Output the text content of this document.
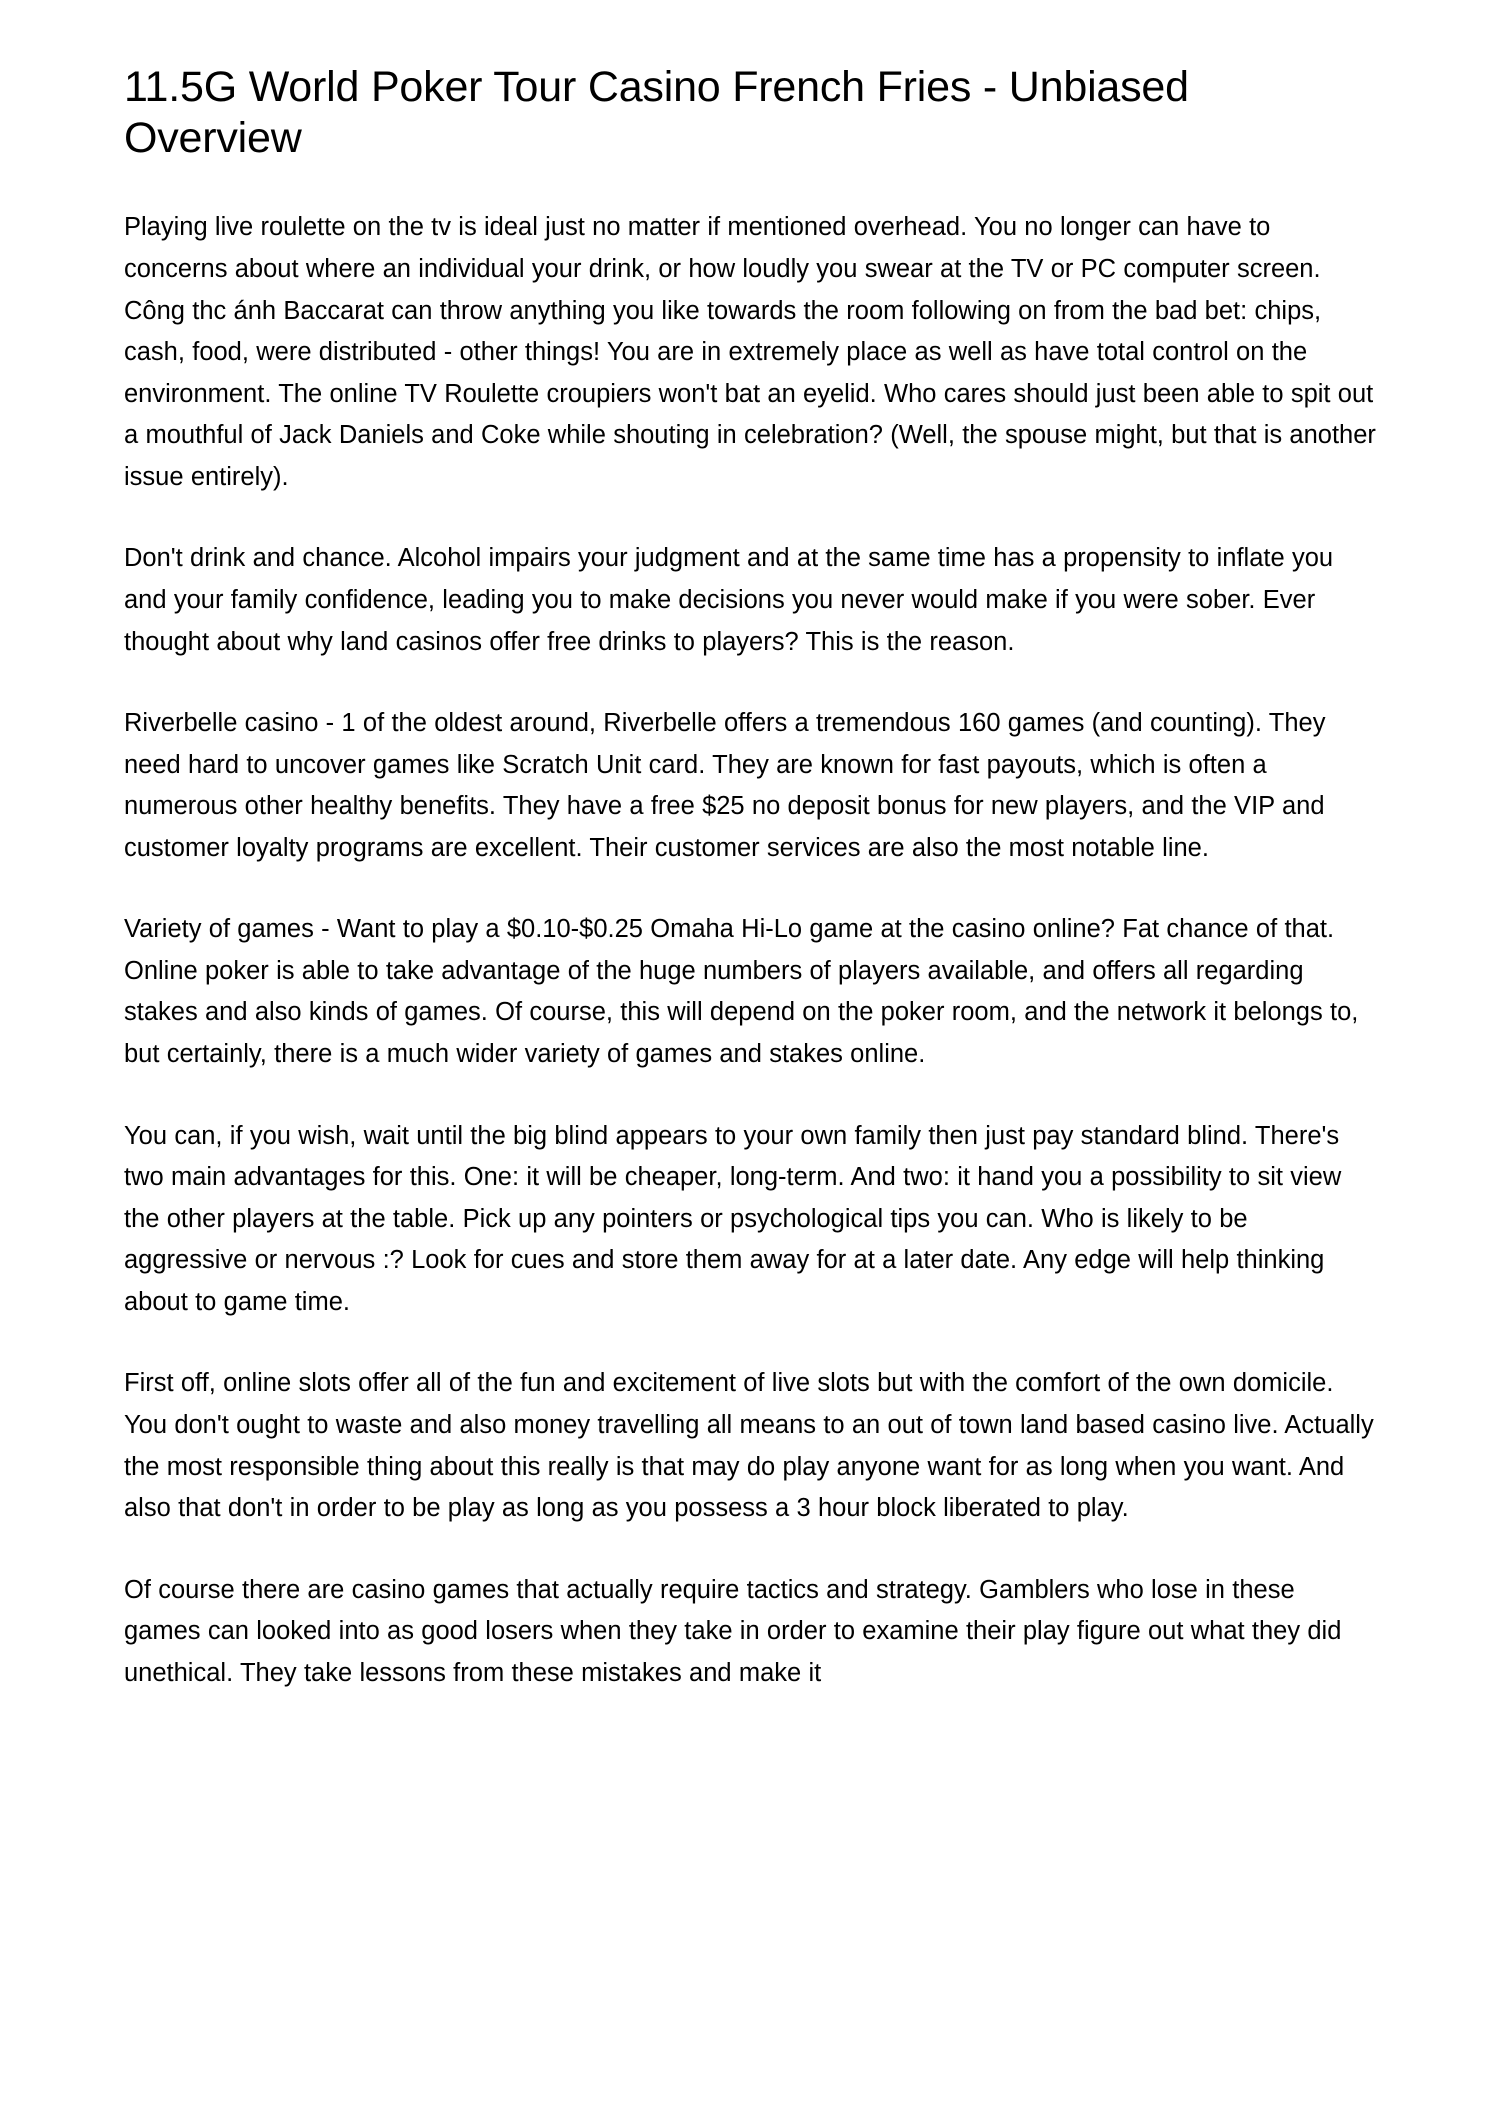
11.5G World Poker Tour Casino French Fries - Unbiased Overview

Playing live roulette on the tv is ideal just no matter if mentioned overhead. You no longer can have to concerns about where an individual your drink, or how loudly you swear at the TV or PC computer screen. Công thc ánh Baccarat can throw anything you like towards the room following on from the bad bet: chips, cash, food, were distributed - other things! You are in extremely place as well as have total control on the environment. The online TV Roulette croupiers won't bat an eyelid. Who cares should just been able to spit out a mouthful of Jack Daniels and Coke while shouting in celebration? (Well, the spouse might, but that is another issue entirely).

Don't drink and chance. Alcohol impairs your judgment and at the same time has a propensity to inflate you and your family confidence, leading you to make decisions you never would make if you were sober. Ever thought about why land casinos offer free drinks to players? This is the reason.

Riverbelle casino - 1 of the oldest around, Riverbelle offers a tremendous 160 games (and counting). They need hard to uncover games like Scratch Unit card. They are known for fast payouts, which is often a numerous other healthy benefits. They have a free $25 no deposit bonus for new players, and the VIP and customer loyalty programs are excellent. Their customer services are also the most notable line.

Variety of games - Want to play a $0.10-$0.25 Omaha Hi-Lo game at the casino online? Fat chance of that. Online poker is able to take advantage of the huge numbers of players available, and offers all regarding stakes and also kinds of games. Of course, this will depend on the poker room, and the network it belongs to, but certainly, there is a much wider variety of games and stakes online.

You can, if you wish, wait until the big blind appears to your own family then just pay standard blind. There's two main advantages for this. One: it will be cheaper, long-term. And two: it hand you a possibility to sit view the other players at the table. Pick up any pointers or psychological tips you can. Who is likely to be aggressive or nervous :? Look for cues and store them away for at a later date. Any edge will help thinking about to game time.

First off, online slots offer all of the fun and excitement of live slots but with the comfort of the own domicile. You don't ought to waste and also money travelling all means to an out of town land based casino live. Actually the most responsible thing about this really is that may do play anyone want for as long when you want. And also that don't in order to be play as long as you possess a 3 hour block liberated to play.

Of course there are casino games that actually require tactics and strategy. Gamblers who lose in these games can looked into as good losers when they take in order to examine their play figure out what they did unethical. They take lessons from these mistakes and make it
